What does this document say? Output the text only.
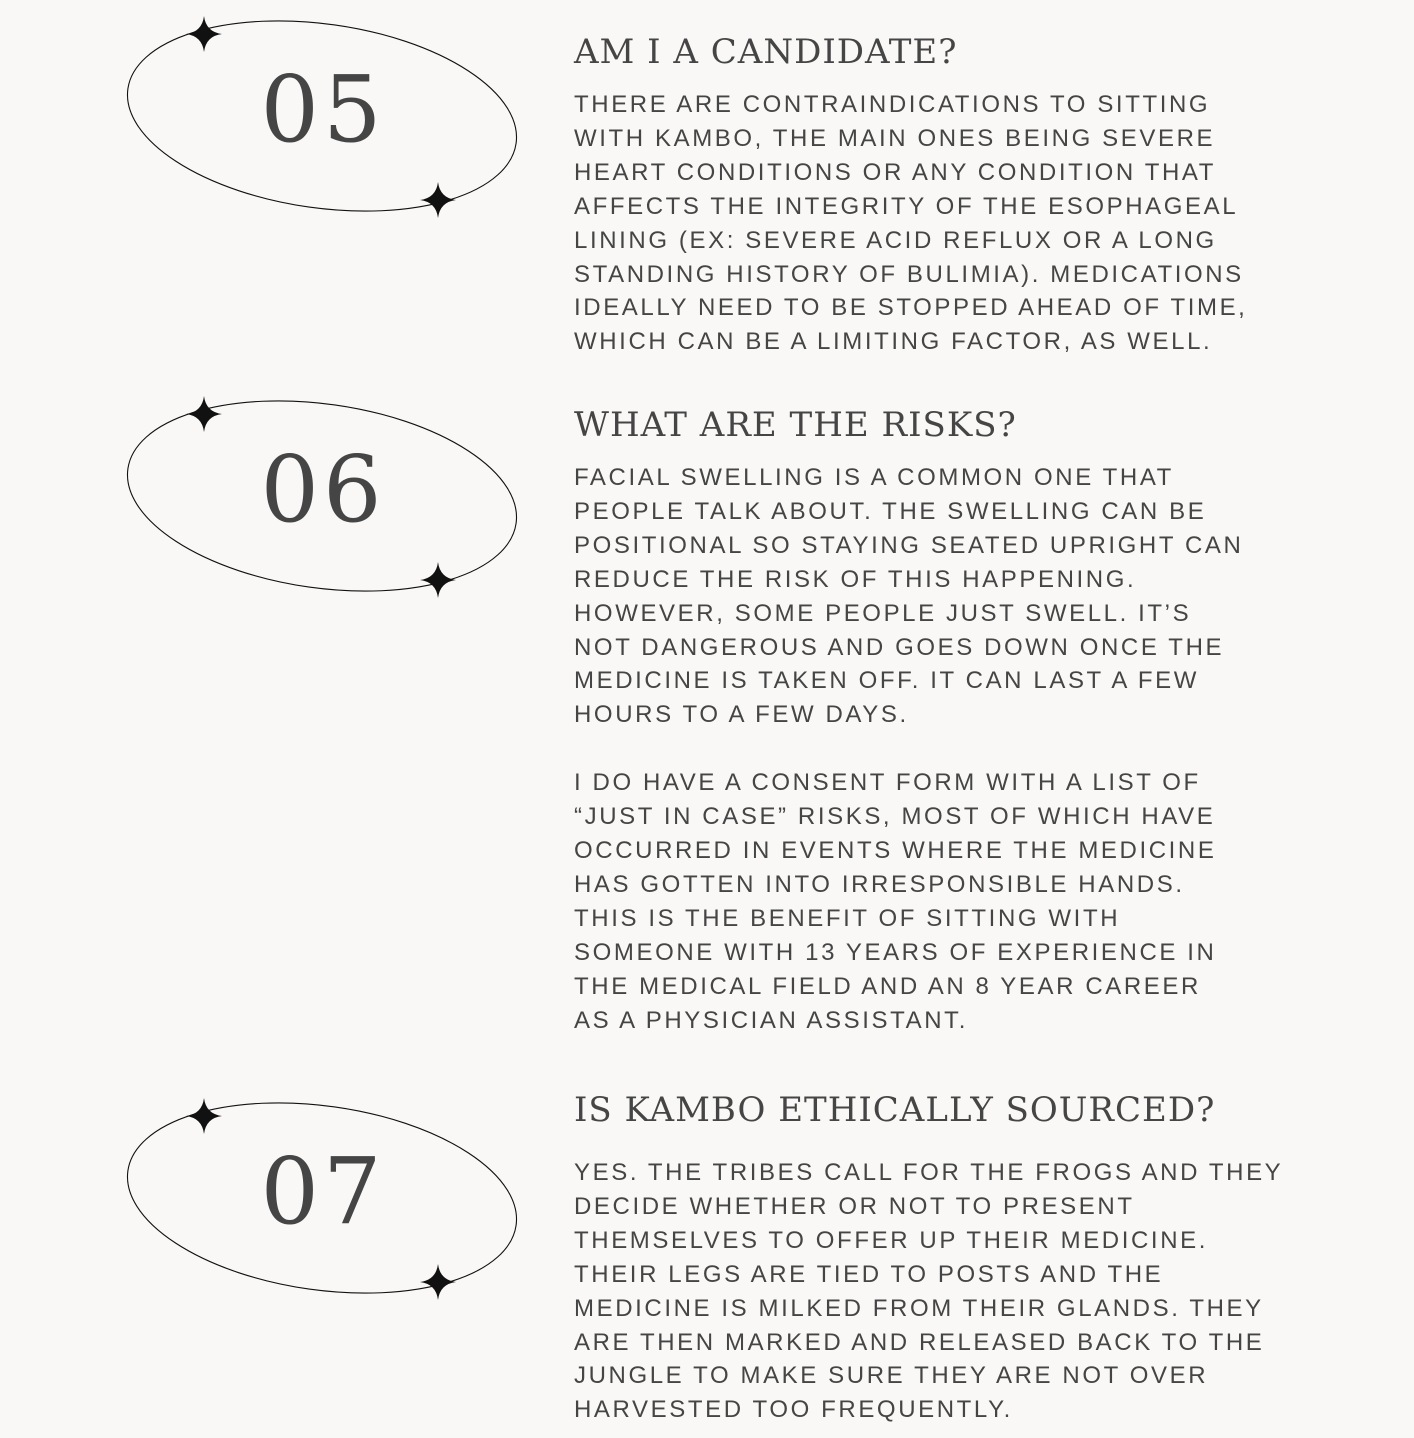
05
AM I A CANDIDATE?

THERE ARE CONTRAINDICATIONS TO SITTING
WITH KAMBO, THE MAIN ONES BEING SEVERE
HEART CONDITIONS OR ANY CONDITION THAT
AFFECTS THE INTEGRITY OF THE ESOPHAGEAL
LINING (EX: SEVERE ACID REFLUX OR A LONG
STANDING HISTORY OF BULIMIA). MEDICATIONS
IDEALLY NEED TO BE STOPPED AHEAD OF TIME,
WHICH CAN BE A LIMITING FACTOR, AS WELL.

06
WHAT ARE THE RISKS?

FACIAL SWELLING IS A COMMON ONE THAT
PEOPLE TALK ABOUT. THE SWELLING CAN BE
POSITIONAL SO STAYING SEATED UPRIGHT CAN
REDUCE THE RISK OF THIS HAPPENING.
HOWEVER, SOME PEOPLE JUST SWELL. IT’S
NOT DANGEROUS AND GOES DOWN ONCE THE
MEDICINE IS TAKEN OFF. IT CAN LAST A FEW
HOURS TO A FEW DAYS.

I DO HAVE A CONSENT FORM WITH A LIST OF
“JUST IN CASE” RISKS, MOST OF WHICH HAVE
OCCURRED IN EVENTS WHERE THE MEDICINE
HAS GOTTEN INTO IRRESPONSIBLE HANDS.
THIS IS THE BENEFIT OF SITTING WITH
SOMEONE WITH 13 YEARS OF EXPERIENCE IN
THE MEDICAL FIELD AND AN 8 YEAR CAREER
AS A PHYSICIAN ASSISTANT.

07
IS KAMBO ETHICALLY SOURCED?

YES. THE TRIBES CALL FOR THE FROGS AND THEY
DECIDE WHETHER OR NOT TO PRESENT
THEMSELVES TO OFFER UP THEIR MEDICINE.
THEIR LEGS ARE TIED TO POSTS AND THE
MEDICINE IS MILKED FROM THEIR GLANDS. THEY
ARE THEN MARKED AND RELEASED BACK TO THE
JUNGLE TO MAKE SURE THEY ARE NOT OVER
HARVESTED TOO FREQUENTLY.
